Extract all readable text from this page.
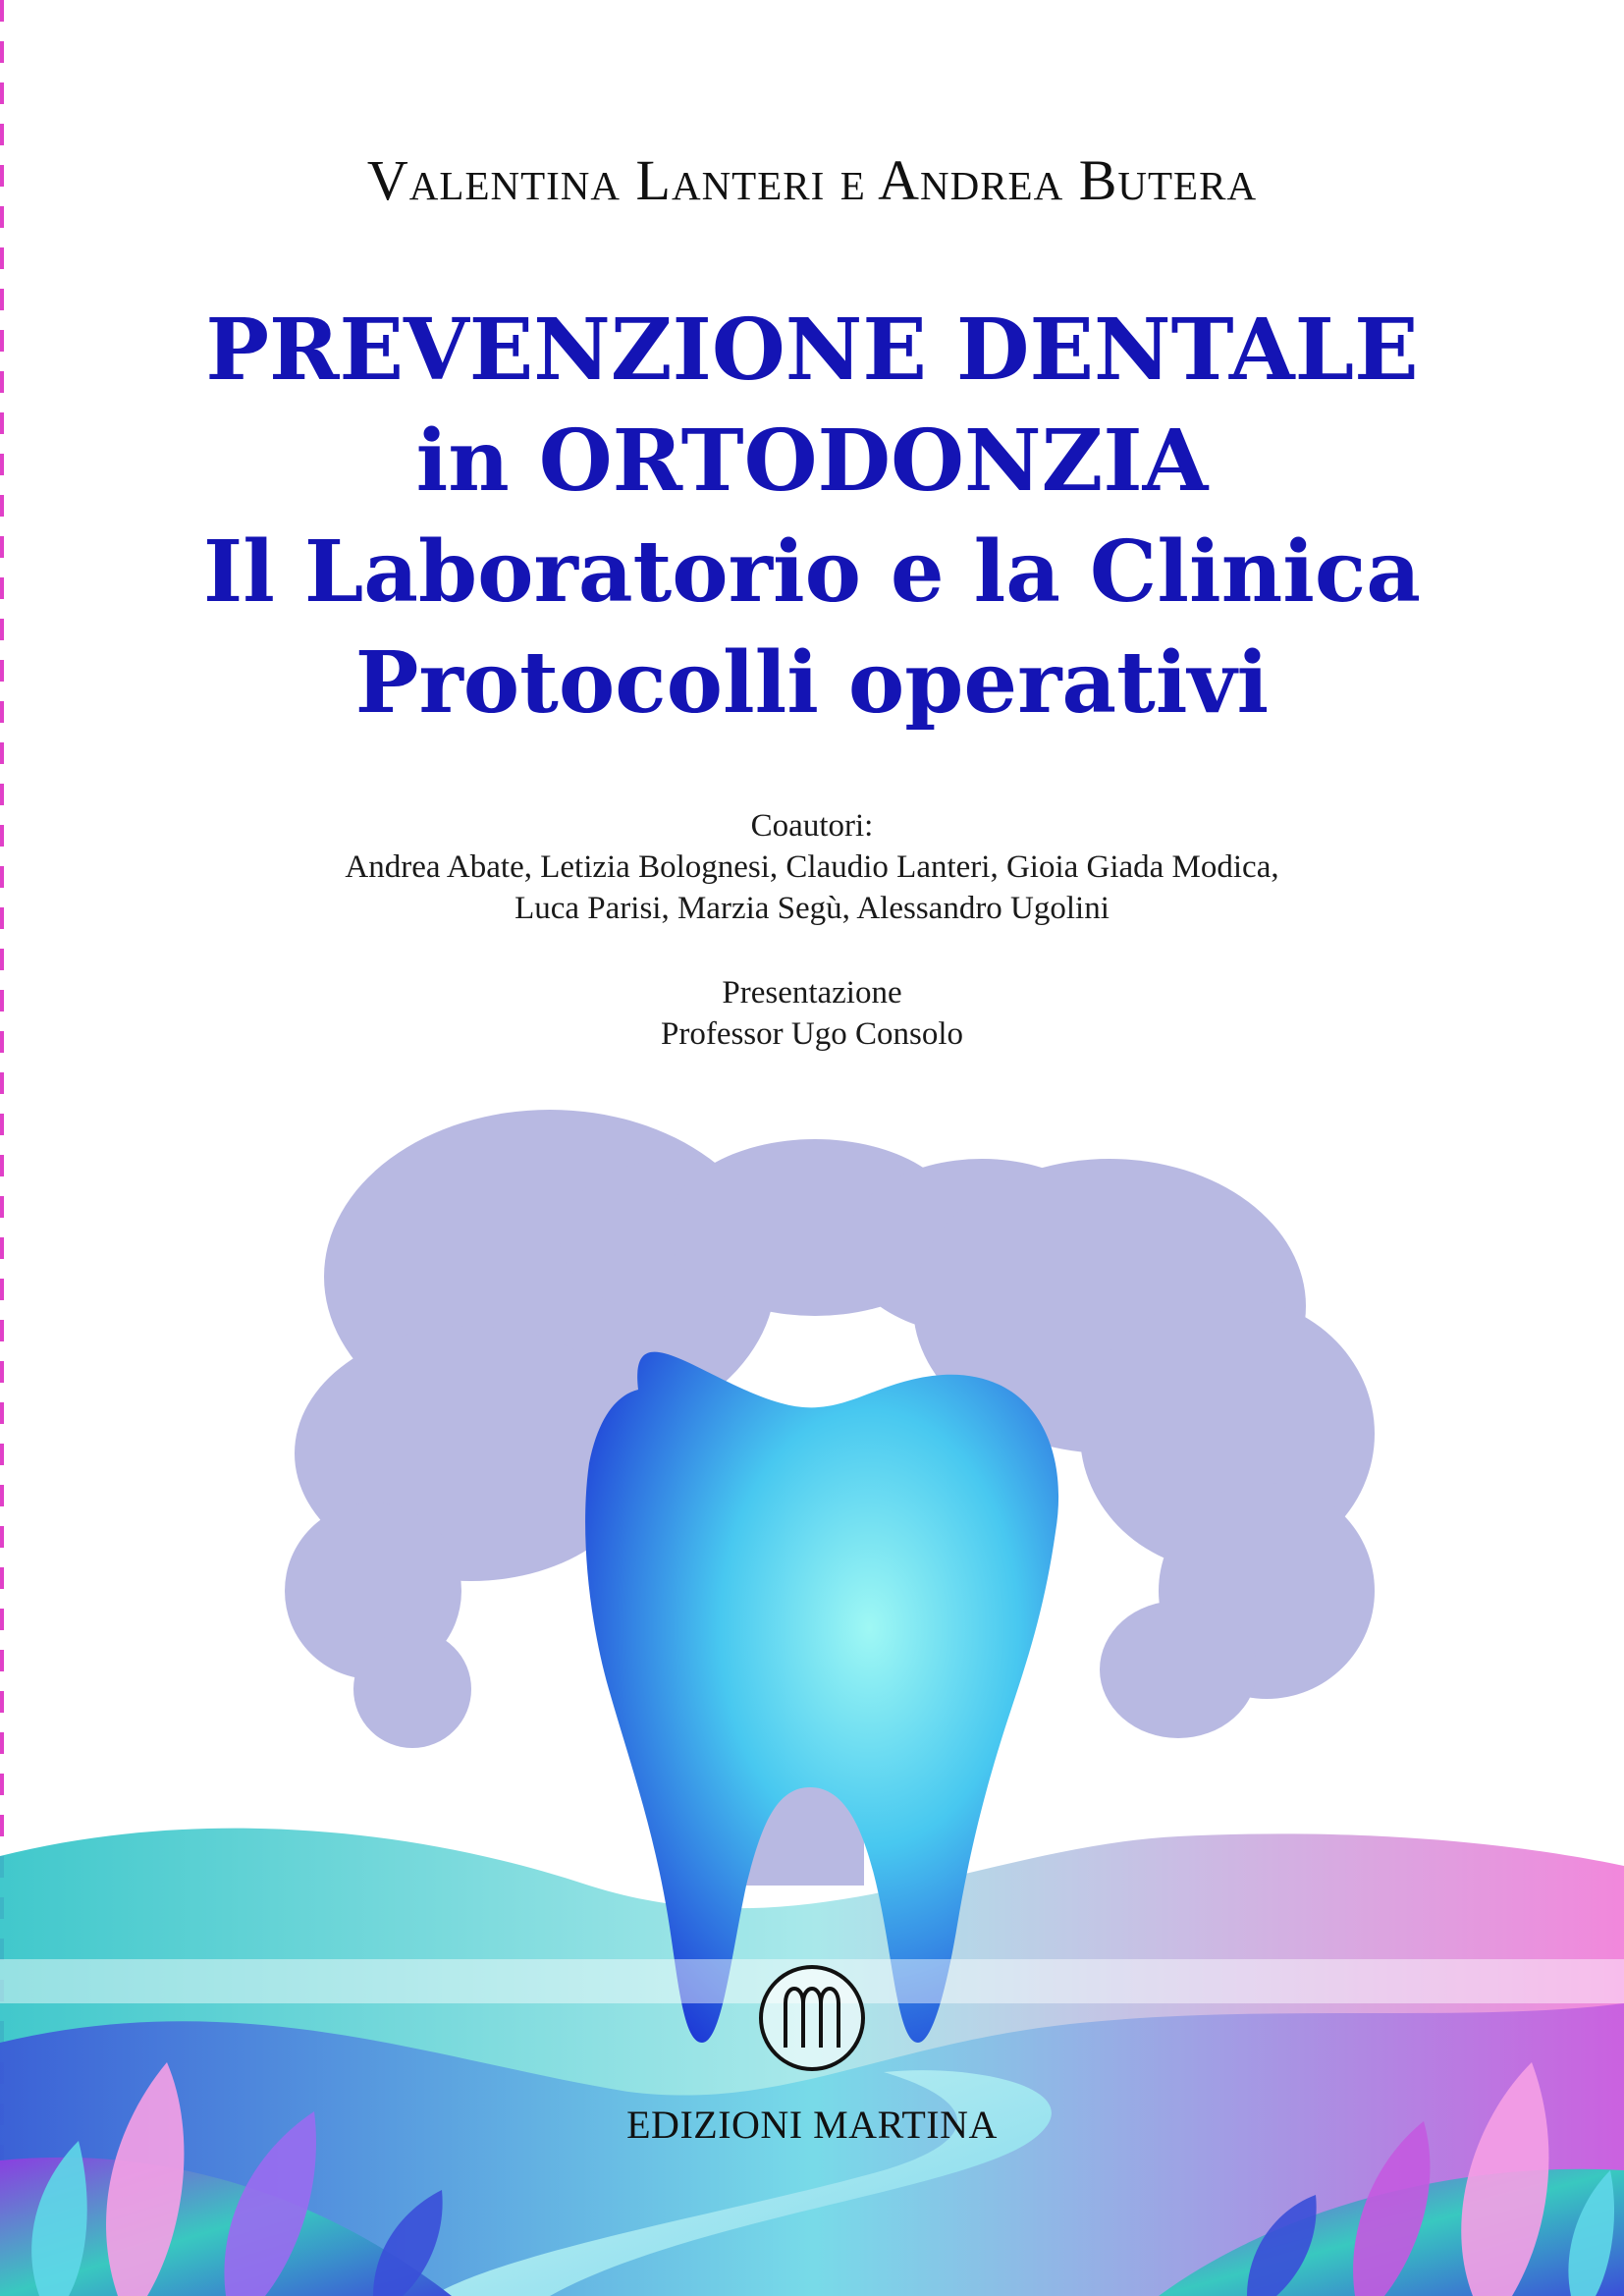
Valentina Lanteri e Andrea Butera
PREVENZIONE DENTALE
in ORTODONZIA
Il Laboratorio e la Clinica
Protocolli operativi
Coautori:
Andrea Abate, Letizia Bolognesi, Claudio Lanteri, Gioia Giada Modica,
Luca Parisi, Marzia Segù, Alessandro Ugolini
Presentazione
Professor Ugo Consolo
EDIZIONI MARTINA
